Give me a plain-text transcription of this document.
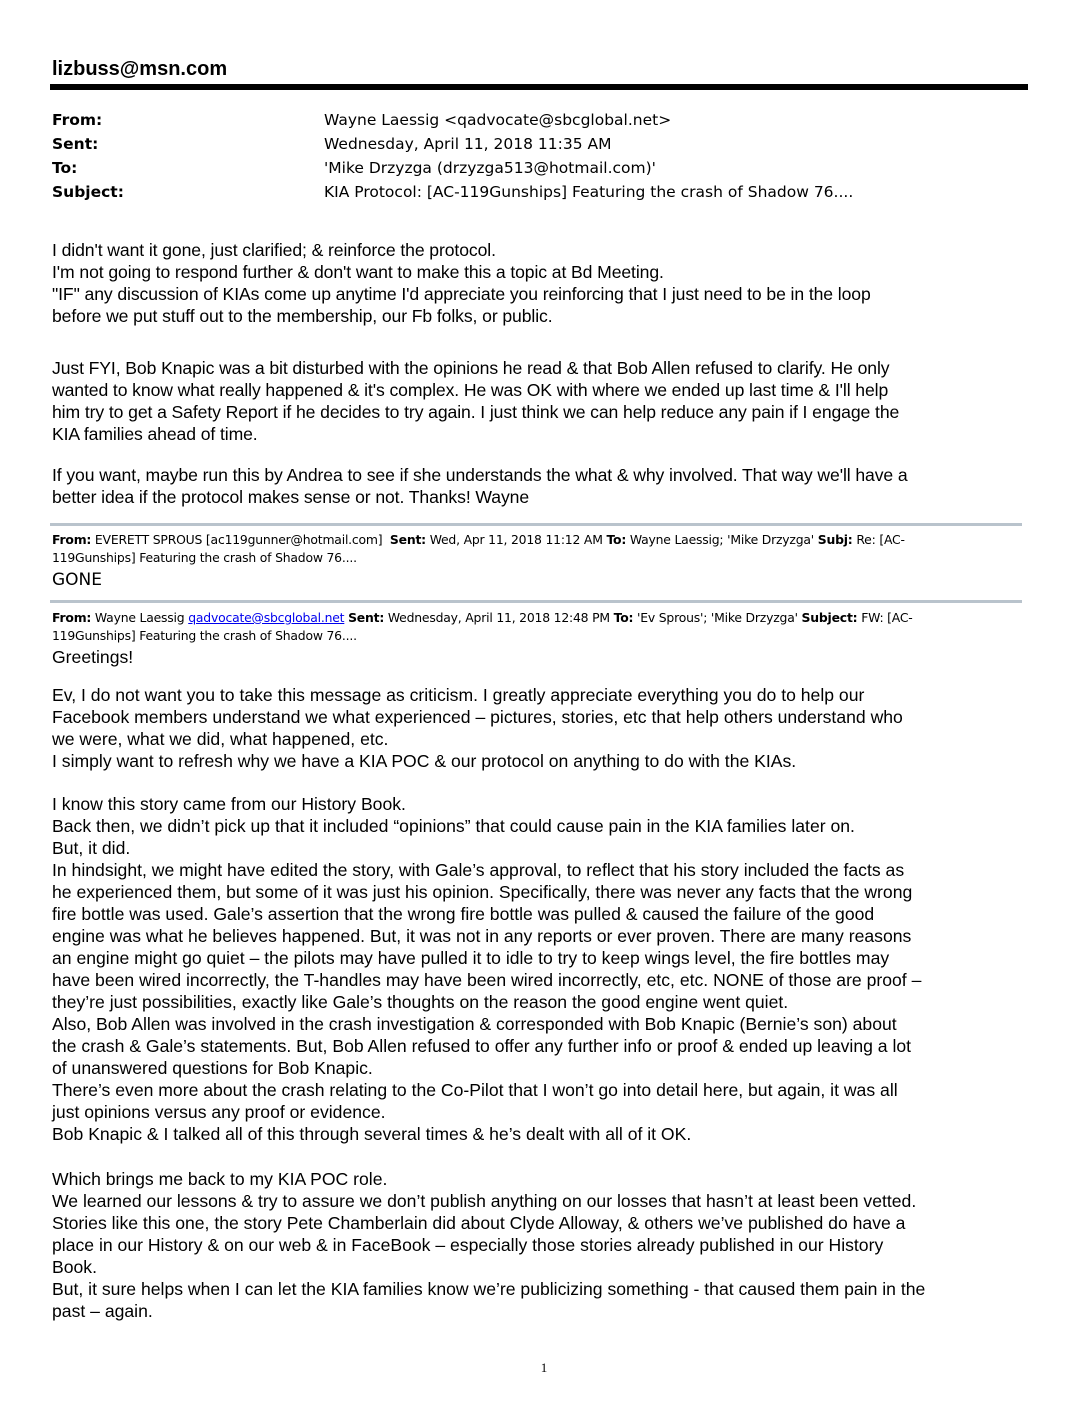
lizbuss@msn.com
From:	Wayne Laessig <qadvocate@sbcglobal.net>
Sent:	Wednesday, April 11, 2018 11:35 AM
To:	'Mike Drzyzga (drzyzga513@hotmail.com)'
Subject:	KIA Protocol: [AC-119Gunships] Featuring the crash of Shadow 76....

I didn't want it gone, just clarified; & reinforce the protocol.

I'm not going to respond further & don't want to make this a topic at Bd Meeting.

"IF" any discussion of KIAs come up anytime I'd appreciate you reinforcing that I just need to be in the loop

before we put stuff out to the membership, our Fb folks, or public.

Just FYI, Bob Knapic was a bit disturbed with the opinions he read & that Bob Allen refused to clarify. He only

wanted to know what really happened & it's complex. He was OK with where we ended up last time & I'll help

him try to get a Safety Report if he decides to try again. I just think we can help reduce any pain if I engage the

KIA families ahead of time.

If you want, maybe run this by Andrea to see if she understands the what & why involved. That way we'll have a

better idea if the protocol makes sense or not. Thanks! Wayne

From: EVERETT SPROUS [ac119gunner@hotmail.com] Sent: Wed, Apr 11, 2018 11:12 AM To: Wayne Laessig; 'Mike Drzyzga' Subj: Re: [AC-
119Gunships] Featuring the crash of Shadow 76....
GONE
From: Wayne Laessig qadvocate@sbcglobal.net Sent: Wednesday, April 11, 2018 12:48 PM To: 'Ev Sprous'; 'Mike Drzyzga' Subject: FW: [AC-
119Gunships] Featuring the crash of Shadow 76....
Greetings!

Ev, I do not want you to take this message as criticism. I greatly appreciate everything you do to help our

Facebook members understand we what experienced – pictures, stories, etc that help others understand who

we were, what we did, what happened, etc.

I simply want to refresh why we have a KIA POC & our protocol on anything to do with the KIAs.

I know this story came from our History Book.

Back then, we didn’t pick up that it included “opinions” that could cause pain in the KIA families later on.

But, it did.

In hindsight, we might have edited the story, with Gale’s approval, to reflect that his story included the facts as

he experienced them, but some of it was just his opinion. Specifically, there was never any facts that the wrong

fire bottle was used. Gale’s assertion that the wrong fire bottle was pulled & caused the failure of the good

engine was what he believes happened. But, it was not in any reports or ever proven. There are many reasons

an engine might go quiet – the pilots may have pulled it to idle to try to keep wings level, the fire bottles may

have been wired incorrectly, the T-handles may have been wired incorrectly, etc, etc. NONE of those are proof –

they’re just possibilities, exactly like Gale’s thoughts on the reason the good engine went quiet.

Also, Bob Allen was involved in the crash investigation & corresponded with Bob Knapic (Bernie’s son) about

the crash & Gale’s statements. But, Bob Allen refused to offer any further info or proof & ended up leaving a lot

of unanswered questions for Bob Knapic.

There’s even more about the crash relating to the Co-Pilot that I won’t go into detail here, but again, it was all

just opinions versus any proof or evidence.

Bob Knapic & I talked all of this through several times & he’s dealt with all of it OK.

Which brings me back to my KIA POC role.

We learned our lessons & try to assure we don’t publish anything on our losses that hasn’t at least been vetted.

Stories like this one, the story Pete Chamberlain did about Clyde Alloway, & others we’ve published do have a

place in our History & on our web & in FaceBook – especially those stories already published in our History

Book.

But, it sure helps when I can let the KIA families know we’re publicizing something - that caused them pain in the

past – again.

1
